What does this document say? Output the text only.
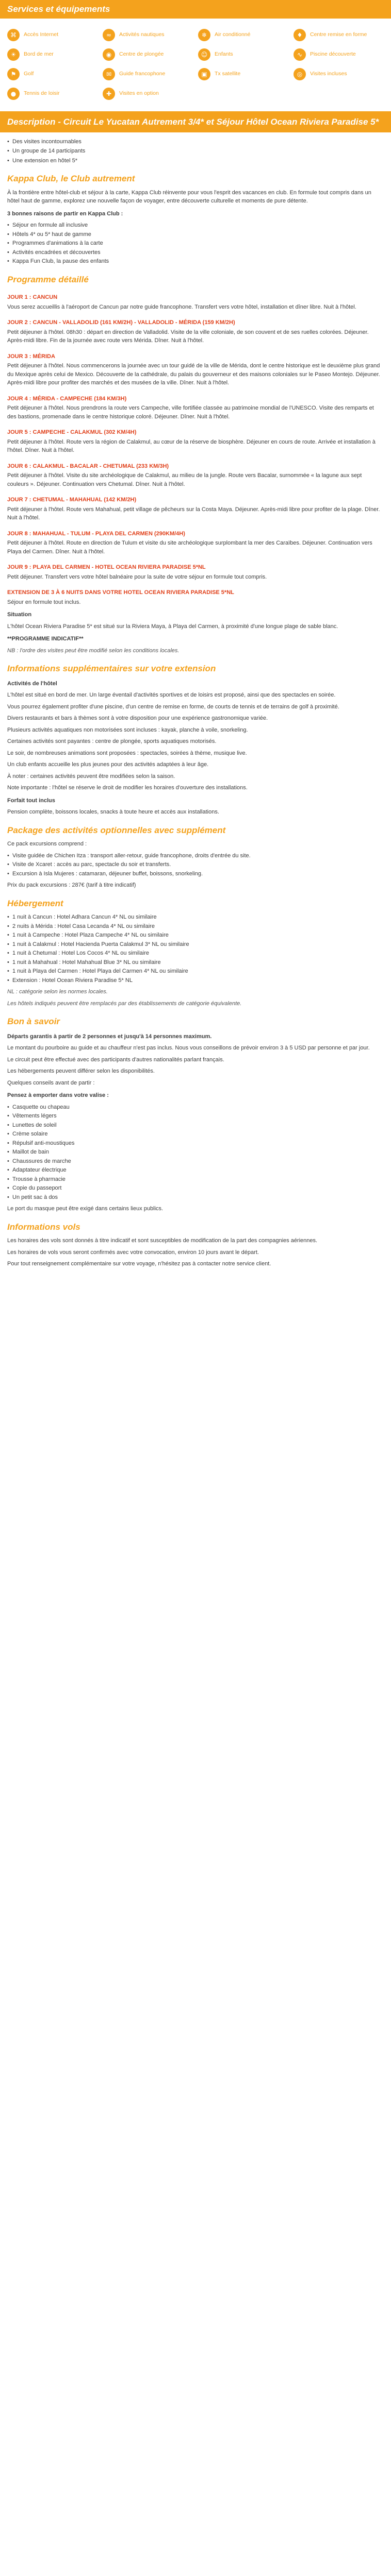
Services et équipements
⌘	Accès Internet	≈	Activités nautiques	❄	Air conditionné	♦	Centre remise en forme
☀	Bord de mer	◉	Centre de plongée	☺	Enfants	∿	Piscine découverte
⚑	Golf	✉	Guide francophone	▣	Tx satellite	◎	Visites incluses
●	Tennis de loisir	✚	Visites en option
Description - Circuit Le Yucatan Autrement 3/4* et Séjour Hôtel Ocean Riviera Paradise 5*
• Des visites incontournables
• Un groupe de 14 participants
• Une extension en hôtel 5*
Kappa Club, le Club autrement

À la frontière entre hôtel-club et séjour à la carte, Kappa Club réinvente pour vous l'esprit des vacances en club. En formule tout compris dans un hôtel haut de gamme, explorez une nouvelle façon de voyager, entre découverte culturelle et moments de pure détente.

3 bonnes raisons de partir en Kappa Club :

• Séjour en formule all inclusive
• Hôtels 4* ou 5* haut de gamme
• Programmes d'animations à la carte
• Activités encadrées et découvertes
• Kappa Fun Club, la pause des enfants
Programme détaillé
JOUR 1 : CANCUN

Vous serez accueillis à l'aéroport de Cancun par notre guide francophone. Transfert vers votre hôtel, installation et dîner libre. Nuit à l'hôtel.

JOUR 2 : CANCUN - VALLADOLID (161 KM/2H) - VALLADOLID - MÉRIDA (159 KM/2H)

Petit déjeuner à l'hôtel. 08h30 : départ en direction de Valladolid. Visite de la ville coloniale, de son couvent et de ses ruelles colorées. Déjeuner. Après-midi libre. Fin de la journée avec route vers Mérida. Dîner. Nuit à l'hôtel.

JOUR 3 : MÉRIDA

Petit déjeuner à l'hôtel. Nous commencerons la journée avec un tour guidé de la ville de Mérida, dont le centre historique est le deuxième plus grand du Mexique après celui de Mexico. Découverte de la cathédrale, du palais du gouverneur et des maisons coloniales sur le Paseo Montejo. Déjeuner. Après-midi libre pour profiter des marchés et des musées de la ville. Dîner. Nuit à l'hôtel.

JOUR 4 : MÉRIDA - CAMPECHE (184 KM/3H)

Petit déjeuner à l'hôtel. Nous prendrons la route vers Campeche, ville fortifiée classée au patrimoine mondial de l'UNESCO. Visite des remparts et des bastions, promenade dans le centre historique coloré. Déjeuner. Dîner. Nuit à l'hôtel.

JOUR 5 : CAMPECHE - CALAKMUL (302 KM/4H)

Petit déjeuner à l'hôtel. Route vers la région de Calakmul, au cœur de la réserve de biosphère. Déjeuner en cours de route. Arrivée et installation à l'hôtel. Dîner. Nuit à l'hôtel.

JOUR 6 : CALAKMUL - BACALAR - CHETUMAL (233 KM/3H)

Petit déjeuner à l'hôtel. Visite du site archéologique de Calakmul, au milieu de la jungle. Route vers Bacalar, surnommée « la lagune aux sept couleurs ». Déjeuner. Continuation vers Chetumal. Dîner. Nuit à l'hôtel.

JOUR 7 : CHETUMAL - MAHAHUAL (142 KM/2H)

Petit déjeuner à l'hôtel. Route vers Mahahual, petit village de pêcheurs sur la Costa Maya. Déjeuner. Après-midi libre pour profiter de la plage. Dîner. Nuit à l'hôtel.

JOUR 8 : MAHAHUAL - TULUM - PLAYA DEL CARMEN (290KM/4H)

Petit déjeuner à l'hôtel. Route en direction de Tulum et visite du site archéologique surplombant la mer des Caraïbes. Déjeuner. Continuation vers Playa del Carmen. Dîner. Nuit à l'hôtel.

JOUR 9 : PLAYA DEL CARMEN - HOTEL OCEAN RIVIERA PARADISE 5*NL

Petit déjeuner. Transfert vers votre hôtel balnéaire pour la suite de votre séjour en formule tout compris.

EXTENSION DE 3 À 6 NUITS DANS VOTRE HOTEL OCEAN RIVIERA PARADISE 5*NL

Séjour en formule tout inclus.

Situation

L'hôtel Ocean Riviera Paradise 5* est situé sur la Riviera Maya, à Playa del Carmen, à proximité d'une longue plage de sable blanc.

**PROGRAMME INDICATIF**

NB : l'ordre des visites peut être modifié selon les conditions locales.

Informations supplémentaires sur votre extension

Activités de l'hôtel

L'hôtel est situé en bord de mer. Un large éventail d'activités sportives et de loisirs est proposé, ainsi que des spectacles en soirée.

Vous pourrez également profiter d'une piscine, d'un centre de remise en forme, de courts de tennis et de terrains de golf à proximité.

Divers restaurants et bars à thèmes sont à votre disposition pour une expérience gastronomique variée.

Plusieurs activités aquatiques non motorisées sont incluses : kayak, planche à voile, snorkeling.

Certaines activités sont payantes : centre de plongée, sports aquatiques motorisés.

Le soir, de nombreuses animations sont proposées : spectacles, soirées à thème, musique live.

Un club enfants accueille les plus jeunes pour des activités adaptées à leur âge.

À noter : certaines activités peuvent être modifiées selon la saison.

Note importante : l'hôtel se réserve le droit de modifier les horaires d'ouverture des installations.

Forfait tout inclus

Pension complète, boissons locales, snacks à toute heure et accès aux installations.

Package des activités optionnelles avec supplément

Ce pack excursions comprend :

• Visite guidée de Chichen Itza : transport aller-retour, guide francophone, droits d'entrée du site.
• Visite de Xcaret : accès au parc, spectacle du soir et transferts.
• Excursion à Isla Mujeres : catamaran, déjeuner buffet, boissons, snorkeling.

Prix du pack excursions : 287€ (tarif à titre indicatif)

Hébergement
• 1 nuit à Cancun : Hotel Adhara Cancun 4* NL ou similaire
• 2 nuits à Mérida : Hotel Casa Lecanda 4* NL ou similaire
• 1 nuit à Campeche : Hotel Plaza Campeche 4* NL ou similaire
• 1 nuit à Calakmul : Hotel Hacienda Puerta Calakmul 3* NL ou similaire
• 1 nuit à Chetumal : Hotel Los Cocos 4* NL ou similaire
• 1 nuit à Mahahual : Hotel Mahahual Blue 3* NL ou similaire
• 1 nuit à Playa del Carmen : Hotel Playa del Carmen 4* NL ou similaire
• Extension : Hotel Ocean Riviera Paradise 5* NL

NL : catégorie selon les normes locales.

Les hôtels indiqués peuvent être remplacés par des établissements de catégorie équivalente.

Bon à savoir

Départs garantis à partir de 2 personnes et jusqu'à 14 personnes maximum.

Le montant du pourboire au guide et au chauffeur n'est pas inclus. Nous vous conseillons de prévoir environ 3 à 5 USD par personne et par jour.

Le circuit peut être effectué avec des participants d'autres nationalités parlant français.

Les hébergements peuvent différer selon les disponibilités.

Quelques conseils avant de partir :

Pensez à emporter dans votre valise :

• Casquette ou chapeau
• Vêtements légers
• Lunettes de soleil
• Crème solaire
• Répulsif anti-moustiques
• Maillot de bain
• Chaussures de marche
• Adaptateur électrique
• Trousse à pharmacie
• Copie du passeport
• Un petit sac à dos

Le port du masque peut être exigé dans certains lieux publics.

Informations vols

Les horaires des vols sont donnés à titre indicatif et sont susceptibles de modification de la part des compagnies aériennes.

Les horaires de vols vous seront confirmés avec votre convocation, environ 10 jours avant le départ.

Pour tout renseignement complémentaire sur votre voyage, n'hésitez pas à contacter notre service client.
